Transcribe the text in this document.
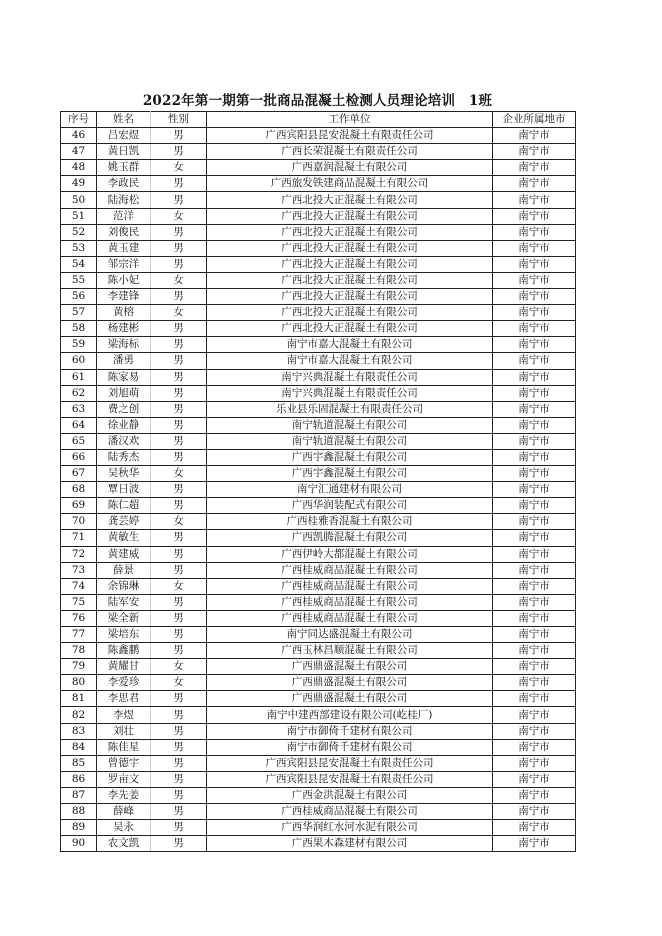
2022年第一期第一批商品混凝土检测人员理论培训　1班
序号	姓名	性别	工作单位	企业所属地市
46	吕宏煜	男	广西宾阳县昆安混凝土有限责任公司	南宁市
47	黄日凯	男	广西长荣混凝土有限责任公司	南宁市
48	姚玉群	女	广西嘉润混凝土有限公司	南宁市
49	李政民	男	广西旅发铁建商品混凝土有限公司	南宁市
50	陆海松	男	广西北投大正混凝土有限公司	南宁市
51	范洋	女	广西北投大正混凝土有限公司	南宁市
52	刘俊民	男	广西北投大正混凝土有限公司	南宁市
53	黄玉建	男	广西北投大正混凝土有限公司	南宁市
54	邹宗洋	男	广西北投大正混凝土有限公司	南宁市
55	陈小妃	女	广西北投大正混凝土有限公司	南宁市
56	李建锋	男	广西北投大正混凝土有限公司	南宁市
57	黄榕	女	广西北投大正混凝土有限公司	南宁市
58	杨建彬	男	广西北投大正混凝土有限公司	南宁市
59	梁海标	男	南宁市嘉大混凝土有限公司	南宁市
60	潘勇	男	南宁市嘉大混凝土有限公司	南宁市
61	陈家易	男	南宁兴典混凝土有限责任公司	南宁市
62	刘旭萌	男	南宁兴典混凝土有限责任公司	南宁市
63	费之创	男	乐业县乐固混凝土有限责任公司	南宁市
64	徐业静	男	南宁轨道混凝土有限公司	南宁市
65	潘汉欢	男	南宁轨道混凝土有限公司	南宁市
66	陆秀杰	男	广西宇鑫混凝土有限公司	南宁市
67	吴秋华	女	广西宇鑫混凝土有限公司	南宁市
68	覃日波	男	南宁汇通建材有限公司	南宁市
69	陈仁超	男	广西华润装配式有限公司	南宁市
70	龚芸婷	女	广西桂雅香混凝土有限公司	南宁市
71	黄敏生	男	广西凯腾混凝土有限公司	南宁市
72	黄建威	男	广西伊岭大都混凝土有限公司	南宁市
73	薛景	男	广西桂威商品混凝土有限公司	南宁市
74	余锦琳	女	广西桂威商品混凝土有限公司	南宁市
75	陆军安	男	广西桂威商品混凝土有限公司	南宁市
76	梁全新	男	广西桂威商品混凝土有限公司	南宁市
77	梁培东	男	南宁同达盛混凝土有限公司	南宁市
78	陈鑫鹏	男	广西玉林昌顺混凝土有限公司	南宁市
79	黄耀甘	女	广西鼎盛混凝土有限公司	南宁市
80	李爱珍	女	广西鼎盛混凝土有限公司	南宁市
81	李思君	男	广西鼎盛混凝土有限公司	南宁市
82	李煜	男	南宁中建西部建设有限公司(屹桂厂)	南宁市
83	刘壮	男	南宁市御倚千建材有限公司	南宁市
84	陈佳星	男	南宁市御倚千建材有限公司	南宁市
85	曾德宇	男	广西宾阳县昆安混凝土有限责任公司	南宁市
86	罗亩文	男	广西宾阳县昆安混凝土有限责任公司	南宁市
87	李先姜	男	广西金洪混凝土有限公司	南宁市
88	薛峰	男	广西桂威商品混凝土有限公司	南宁市
89	吴永	男	广西华润红水河水泥有限公司	南宁市
90	农文凯	男	广西果木森建材有限公司	南宁市
